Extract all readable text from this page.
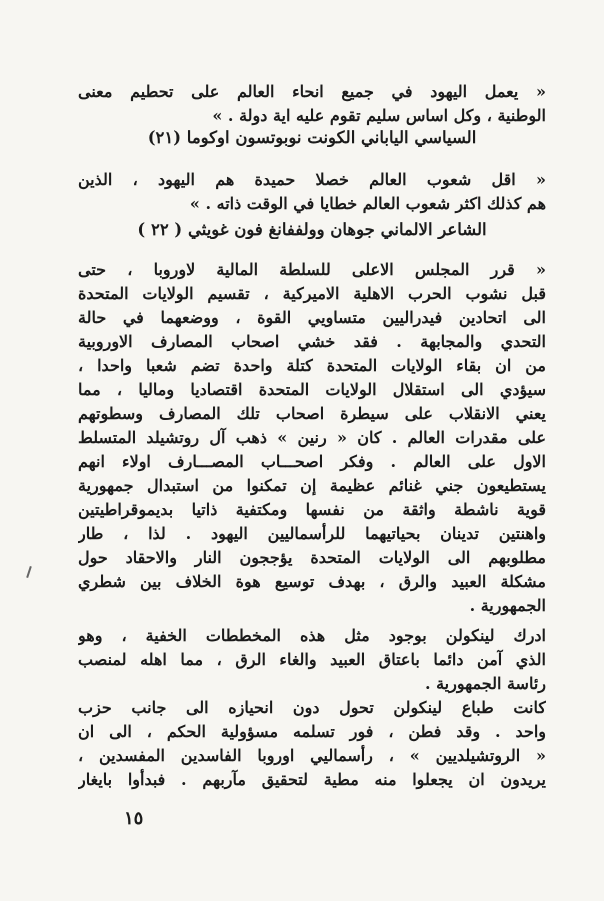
« يعمل اليهود في جميع انحاء العالم على تحطيم معنى
الوطنية ، وكل اساس سليم تقوم عليه اية دولة . »
السياسي الياباني الكونت نوبوتسون اوكوما (٢١)
« اقل شعوب العالم خصلا حميدة هم اليهود ، الذين
هم كذلك اكثر شعوب العالم خطايا في الوقت ذاته . »
الشاعر الالماني جوهان وولففانغ فون غويثي ( ٢٢ )
« قرر المجلس الاعلى للسلطة المالية لاوروبا ، حتى
قبل نشوب الحرب الاهلية الاميركية ، تقسيم الولايات المتحدة
الى اتحادين فيدراليين متساويي القوة ، ووضعهما في حالة
التحدي والمجابهة . فقد خشي اصحاب المصارف الاوروبية
من ان بقاء الولايات المتحدة كتلة واحدة تضم شعبا واحدا ،
سيؤدي الى استقلال الولايات المتحدة اقتصاديا وماليا ، مما
يعني الانقلاب على سيطرة اصحاب تلك المصارف وسطوتهم
على مقدرات العالم . كان « رنين » ذهب آل روتشيلد المتسلط
الاول على العالم . وفكر اصحـــاب المصـــارف اولاء انهم
يستطيعون جني غنائم عظيمة إن تمكنوا من استبدال جمهورية
قوية ناشطة واثقة من نفسها ومكتفية ذاتيا بديموقراطيتين
واهنتين تدينان بحياتيهما للرأسماليين اليهود . لذا ، طار
مطلوبهم الى الولايات المتحدة يؤججون النار والاحقاد حول
مشكلة العبيد والرق ، بهدف توسيع هوة الخلاف بين شطري
الجمهورية .
ادرك لينكولن بوجود مثل هذه المخططات الخفية ، وهو
الذي آمن دائما باعتاق العبيد والغاء الرق ، مما اهله لمنصب
رئاسة الجمهورية .
كانت طباع لينكولن تحول دون انحيازه الى جانب حزب
واحد . وقد فطن ، فور تسلمه مسؤولية الحكم ، الى ان
« الروتشيلديين » ، رأسماليي اوروبا الفاسدين المفسدين ،
يريدون ان يجعلوا منه مطية لتحقيق مآربهم . فبدأوا بايغار
١٥
